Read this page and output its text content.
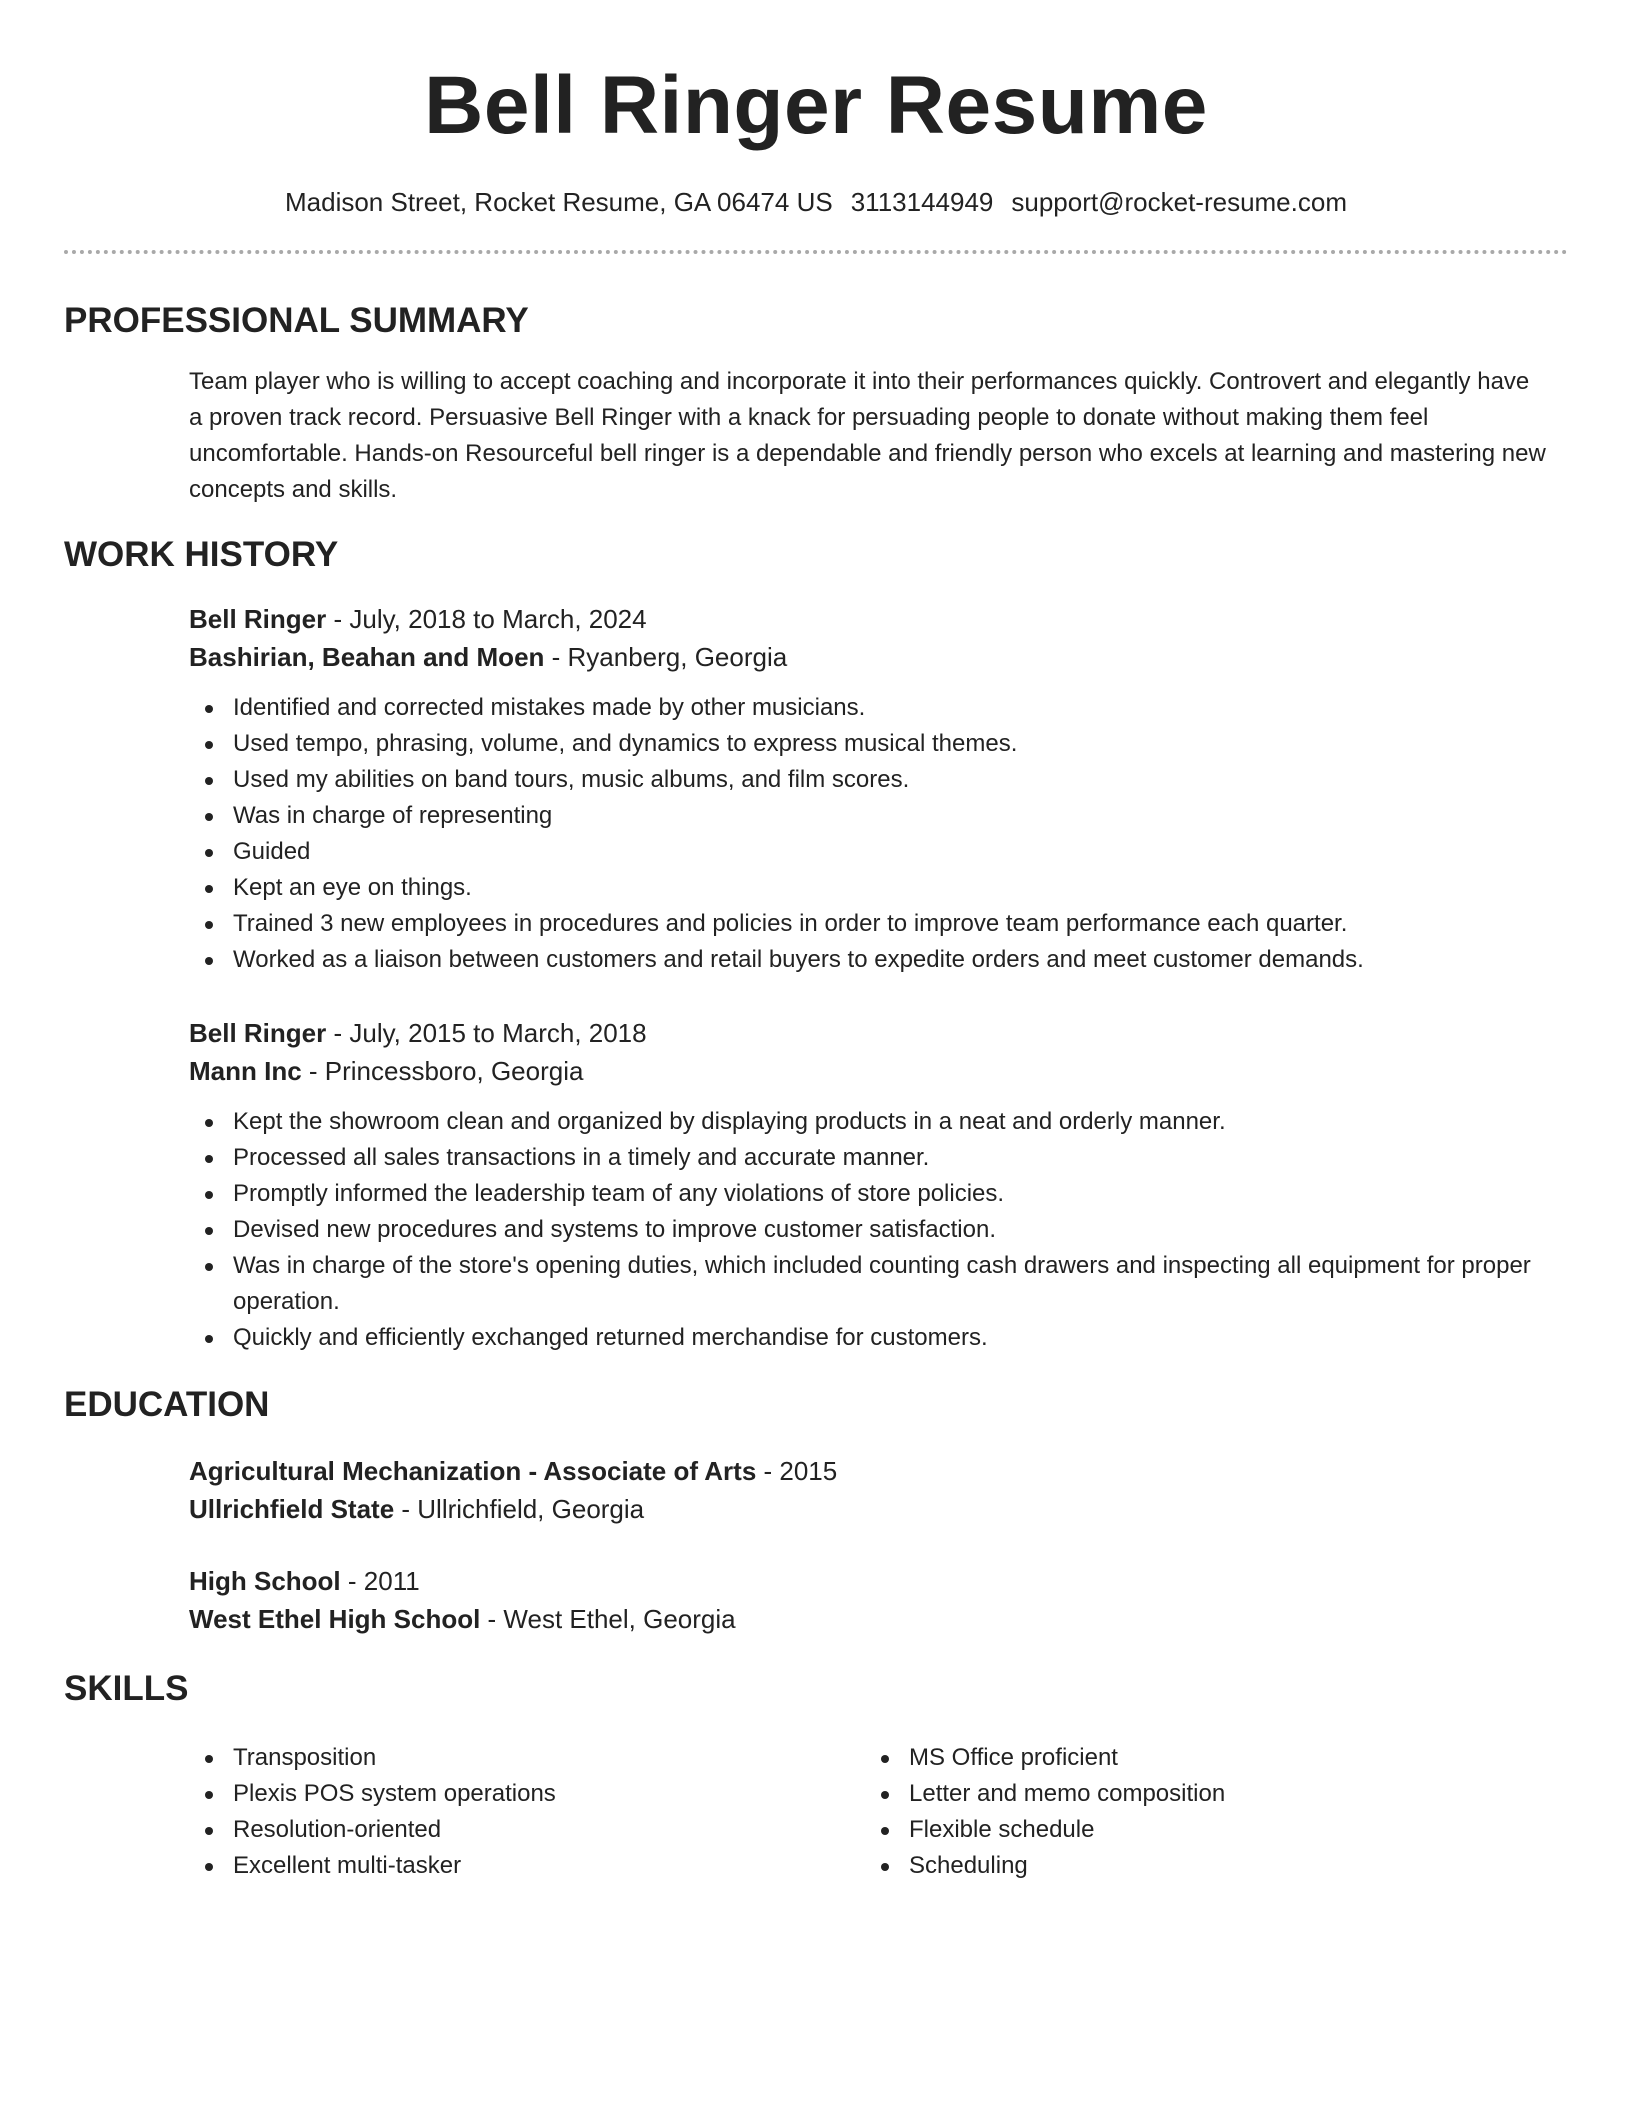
Bell Ringer Resume
Madison Street, Rocket Resume, GA 06474 US 3113144949 support@rocket-resume.com
PROFESSIONAL SUMMARY

Team player who is willing to accept coaching and incorporate it into their performances quickly. Controvert and elegantly have a proven track record. Persuasive Bell Ringer with a knack for persuading people to donate without making them feel uncomfortable. Hands-on Resourceful bell ringer is a dependable and friendly person who excels at learning and mastering new concepts and skills.

WORK HISTORY
Bell Ringer - July, 2018 to March, 2024
Bashirian, Beahan and Moen - Ryanberg, Georgia
Identified and corrected mistakes made by other musicians.
Used tempo, phrasing, volume, and dynamics to express musical themes.
Used my abilities on band tours, music albums, and film scores.
Was in charge of representing
Guided
Kept an eye on things.
Trained 3 new employees in procedures and policies in order to improve team performance each quarter.
Worked as a liaison between customers and retail buyers to expedite orders and meet customer demands.
Bell Ringer - July, 2015 to March, 2018
Mann Inc - Princessboro, Georgia
Kept the showroom clean and organized by displaying products in a neat and orderly manner.
Processed all sales transactions in a timely and accurate manner.
Promptly informed the leadership team of any violations of store policies.
Devised new procedures and systems to improve customer satisfaction.
Was in charge of the store's opening duties, which included counting cash drawers and inspecting all equipment for proper operation.
Quickly and efficiently exchanged returned merchandise for customers.
EDUCATION
Agricultural Mechanization - Associate of Arts - 2015
Ullrichfield State - Ullrichfield, Georgia
High School - 2011
West Ethel High School - West Ethel, Georgia
SKILLS
Transposition
Plexis POS system operations
Resolution-oriented
Excellent multi-tasker
MS Office proficient
Letter and memo composition
Flexible schedule
Scheduling
